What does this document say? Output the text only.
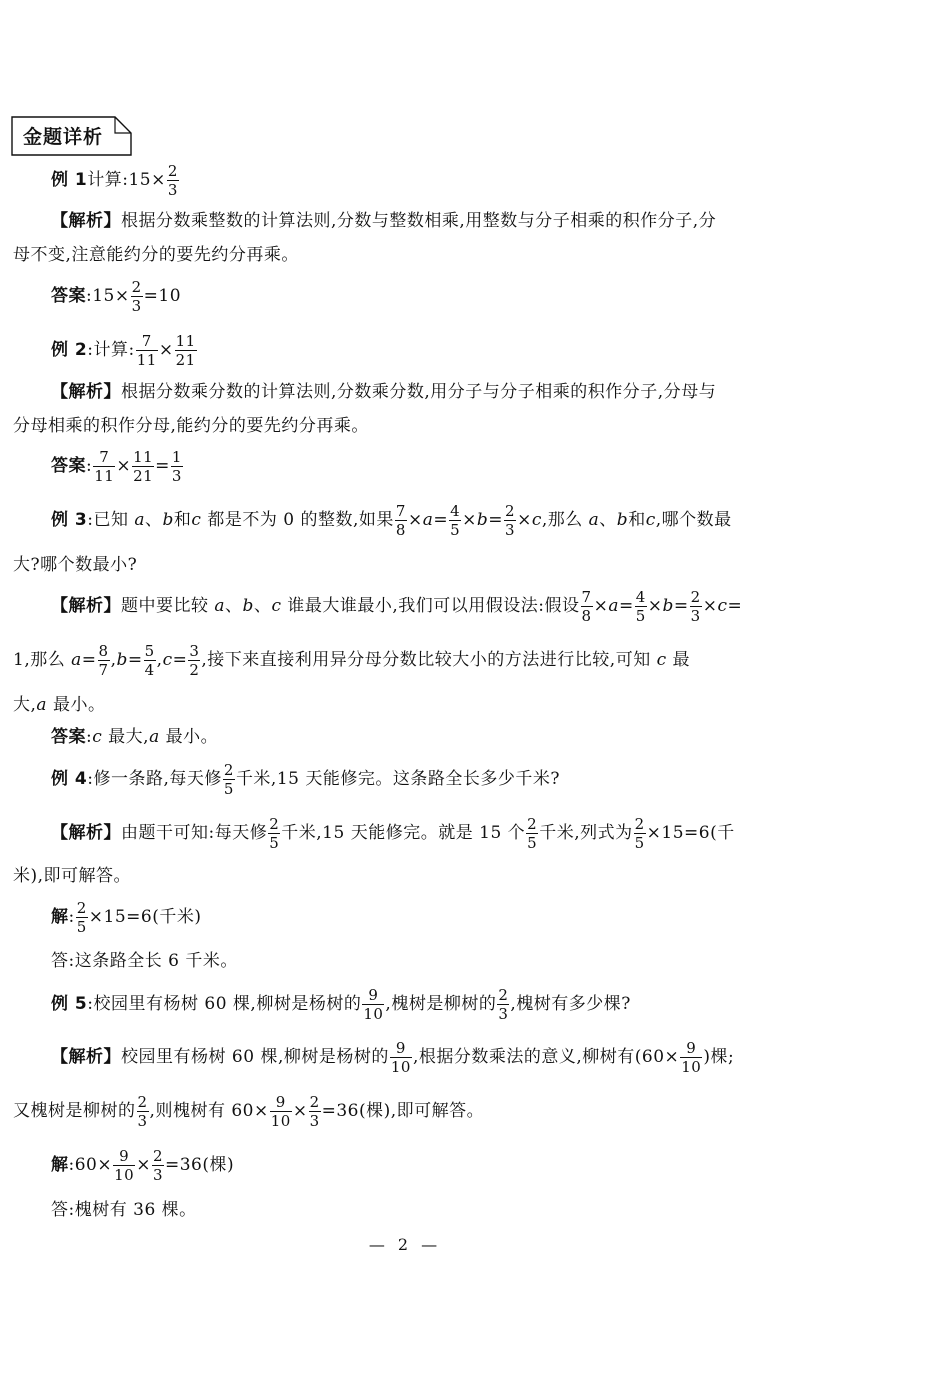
金题详析
例 1计算:15× $\frac{2}{3}$
【解析】根据分数乘整数的计算法则,分数与整数相乘,用整数与分子相乘的积作分子,分
母不变,注意能约分的要先约分再乘。
答案:15× $\frac{2}{3} =10$
例 2:计算: $\frac{7}{11} \times \frac{11}{21}$
【解析】根据分数乘分数的计算法则,分数乘分数,用分子与分子相乘的积作分子,分母与
分母相乘的积作分母,能约分的要先约分再乘。
答案: $\frac{7}{11} \times \frac{11}{21} = \frac{1}{3}$
例 3:已知 a、b和c 都是不为 0 的整数,如果 $\frac{7}{8} \times a= \frac{4}{5} \times b= \frac{2}{3} \times c$,那么 a、b和c,哪个数最
大?哪个数最小?
【解析】题中要比较 a、b、c 谁最大谁最小,我们可以用假设法:假设 $\frac{7}{8} \times a= \frac{4}{5} \times b= \frac{2}{3} \times c=$
1,那么 $a= \frac{8}{7} ,b= \frac{5}{4} ,c= \frac{3}{2}$ ,接下来直接利用异分母分数比较大小的方法进行比较,可知 c 最
大,a 最小。
答案:c 最大,a 最小。
例 4:修一条路,每天修 $\frac{2}{5}$ 千米,15 天能修完。这条路全长多少千米?
【解析】由题干可知:每天修 $\frac{2}{5}$ 千米,15 天能修完。就是 15 个 $\frac{2}{5}$ 千米,列式为 $\frac{2}{5} \times 15=6$(千
米),即可解答。
解: $\frac{2}{5} \times 15=6$(千米)
答:这条路全长 6 千米。
例 5:校园里有杨树 60 棵,柳树是杨树的 $\frac{9}{10}$ ,槐树是柳树的 $\frac{2}{3}$ ,槐树有多少棵?
【解析】校园里有杨树 60 棵,柳树是杨树的 $\frac{9}{10}$ ,根据分数乘法的意义,柳树有($60\times \frac{9}{10}$ )棵;
又槐树是柳树的 $\frac{2}{3}$ ,则槐树有 $60\times \frac{9}{10} \times \frac{2}{3} =36$(棵),即可解答。
解:60× $\frac{9}{10} \times \frac{2}{3} =36$(棵)
答:槐树有 36 棵。
— 2 —
